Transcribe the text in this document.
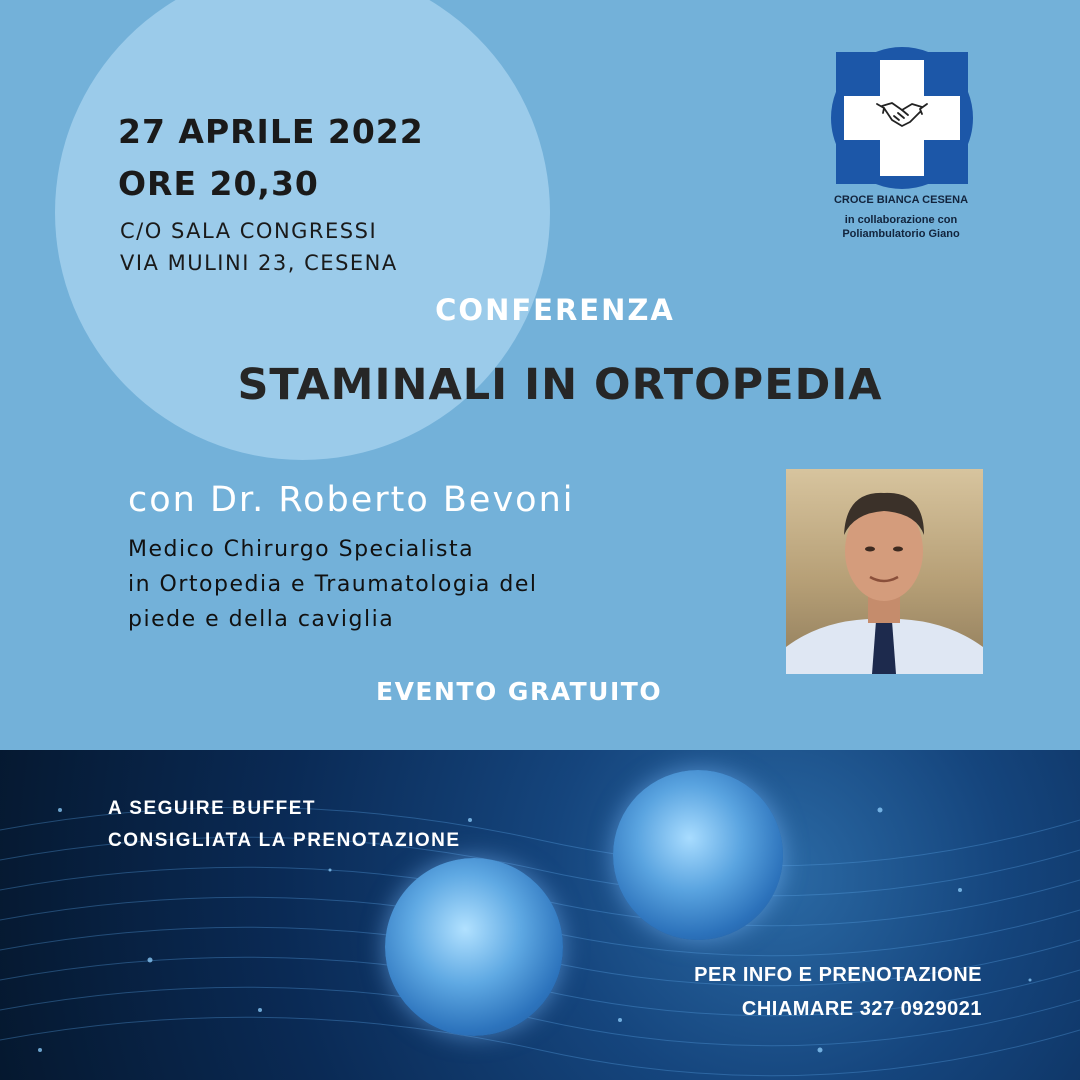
27 APRILE 2022
ORE 20,30
C/O SALA CONGRESSI
VIA MULINI 23, CESENA
CROCE BIANCA CESENA
in collaborazione con
Poliambulatorio Giano
CONFERENZA
STAMINALI IN ORTOPEDIA
con Dr. Roberto Bevoni
Medico Chirurgo Specialista
in Ortopedia e Traumatologia del
piede e della caviglia
EVENTO GRATUITO
A SEGUIRE BUFFET
CONSIGLIATA LA PRENOTAZIONE
PER INFO E PRENOTAZIONE
CHIAMARE 327 0929021
